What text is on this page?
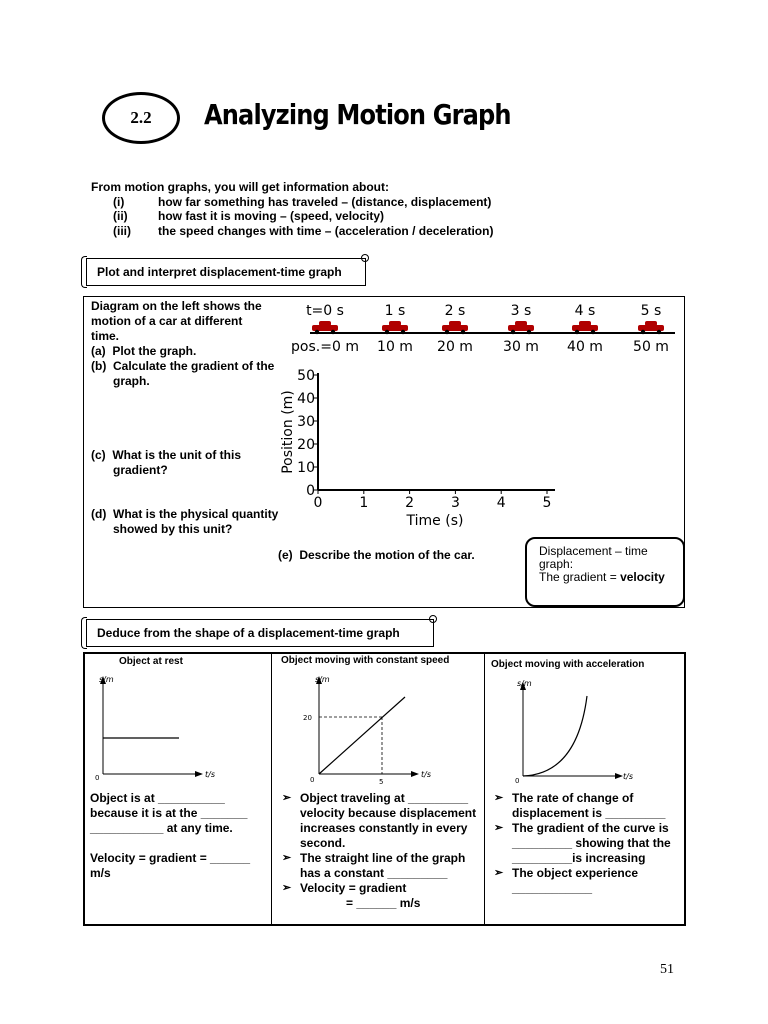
2.2 Analyzing Motion Graph
From motion graphs, you will get information about:
(i)	how far something has traveled – (distance, displacement)
(ii)	how fast it is moving – (speed, velocity)
(iii) the speed changes with time – (acceleration / deceleration)
Plot and interpret displacement-time graph
Diagram on the left shows the motion of a car at different time.
(a) Plot the graph.
(b) Calculate the gradient of the graph.
(c) What is the unit of this gradient?
(d) What is the physical quantity showed by this unit?
(e) Describe the motion of the car.
t=0 s
pos.=0 m
1 s
10 m
2 s
20 m
3 s
30 m
4 s
40 m
5 s
50 m
0	1	2	3	4	5
0
10
20
30
40
50
Position (m)
Time (s)
Displacement – time graph:
The gradient = velocity
Deduce from the shape of a displacement-time graph
Object at rest
s/m
t/s
0
Object is at __________ because it is at the _______ ___________ at any time.
Velocity = gradient = ______ m/s
Object moving with constant speed
s/m
t/s
0
20
5
➢ Object traveling at _________ velocity because displacement increases constantly in every second.
➢ The straight line of the graph has a constant _________
➢ Velocity = gradient
= ______ m/s
Object moving with acceleration
s/m
t/s
0
➢ The rate of change of displacement is _________
➢ The gradient of the curve is _________ showing that the _________is increasing
➢ The object experience ____________
51
